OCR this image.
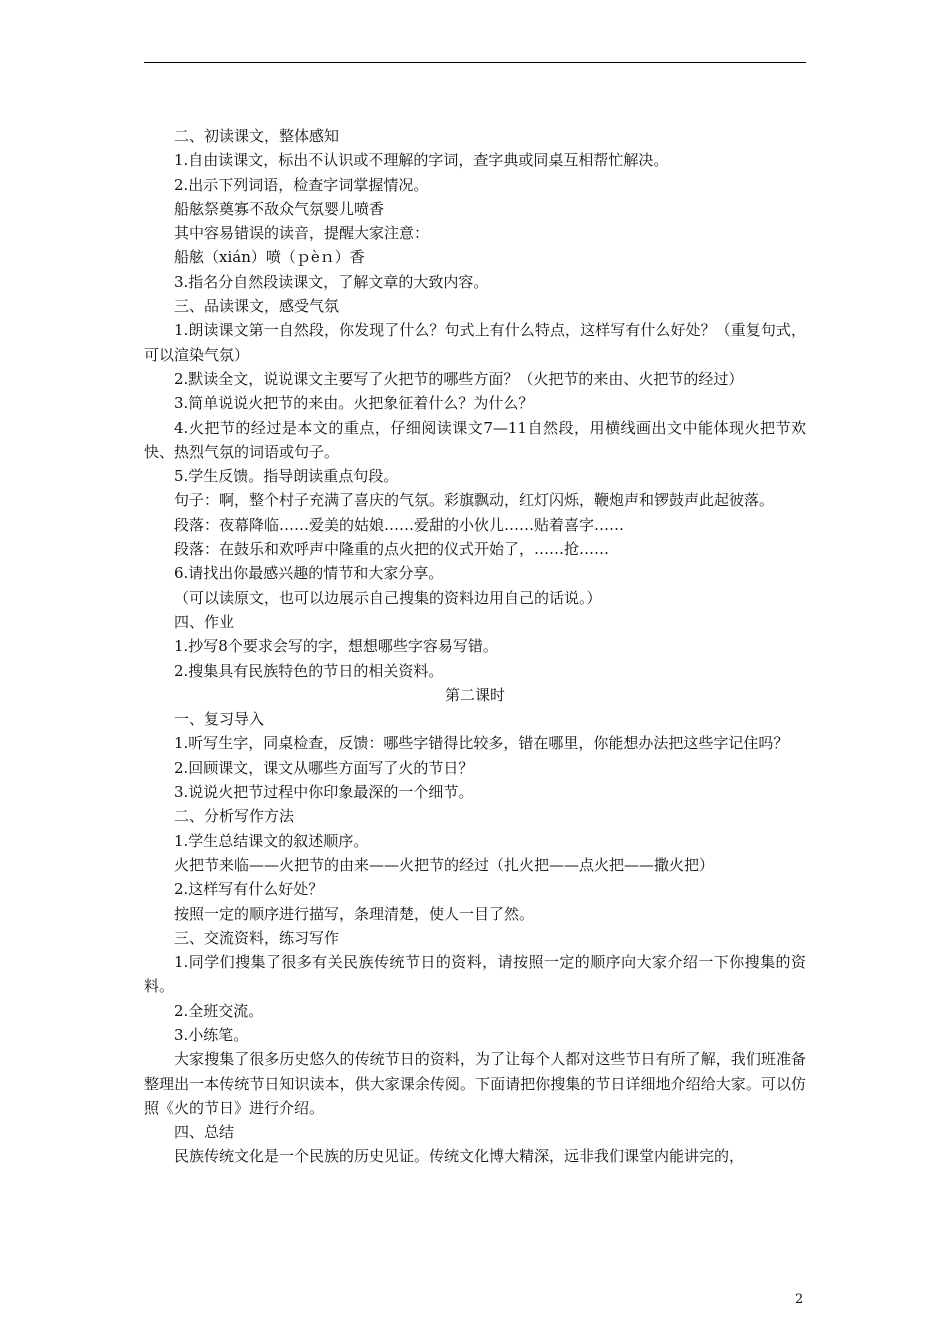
二、初读课文，整体感知

1.自由读课文，标出不认识或不理解的字词，查字典或同桌互相帮忙解决。

2.出示下列词语，检查字词掌握情况。

船舷祭奠寡不敌众气氛婴儿喷香

其中容易错误的读音，提醒大家注意：

船舷（xián）喷（ｐèｎ）香

3.指名分自然段读课文，了解文章的大致内容。

三、品读课文，感受气氛

1.朗读课文第一自然段，你发现了什么？句式上有什么特点，这样写有什么好处？（重复句式，可以渲染气氛）

2.默读全文，说说课文主要写了火把节的哪些方面？（火把节的来由、火把节的经过）

3.简单说说火把节的来由。火把象征着什么？为什么？

4.火把节的经过是本文的重点，仔细阅读课文7—11自然段，用横线画出文中能体现火把节欢快、热烈气氛的词语或句子。

5.学生反馈。指导朗读重点句段。

句子：啊，整个村子充满了喜庆的气氛。彩旗飘动，红灯闪烁，鞭炮声和锣鼓声此起彼落。

段落：夜幕降临……爱美的姑娘……爱甜的小伙儿……贴着喜字……

段落：在鼓乐和欢呼声中隆重的点火把的仪式开始了，……抢……

6.请找出你最感兴趣的情节和大家分享。

（可以读原文，也可以边展示自己搜集的资料边用自己的话说。）

四、作业

1.抄写8个要求会写的字，想想哪些字容易写错。

2.搜集具有民族特色的节日的相关资料。

第二课时

一、复习导入

1.听写生字，同桌检查，反馈：哪些字错得比较多，错在哪里，你能想办法把这些字记住吗？

2.回顾课文，课文从哪些方面写了火的节日？

3.说说火把节过程中你印象最深的一个细节。

二、分析写作方法

1.学生总结课文的叙述顺序。

火把节来临——火把节的由来——火把节的经过（扎火把——点火把——撒火把）

2.这样写有什么好处？

按照一定的顺序进行描写，条理清楚，使人一目了然。

三、交流资料，练习写作

1.同学们搜集了很多有关民族传统节日的资料，请按照一定的顺序向大家介绍一下你搜集的资料。

2.全班交流。

3.小练笔。

大家搜集了很多历史悠久的传统节日的资料，为了让每个人都对这些节日有所了解，我们班准备整理出一本传统节日知识读本，供大家课余传阅。下面请把你搜集的节日详细地介绍给大家。可以仿照《火的节日》进行介绍。

四、总结

民族传统文化是一个民族的历史见证。传统文化博大精深，远非我们课堂内能讲完的，

2
